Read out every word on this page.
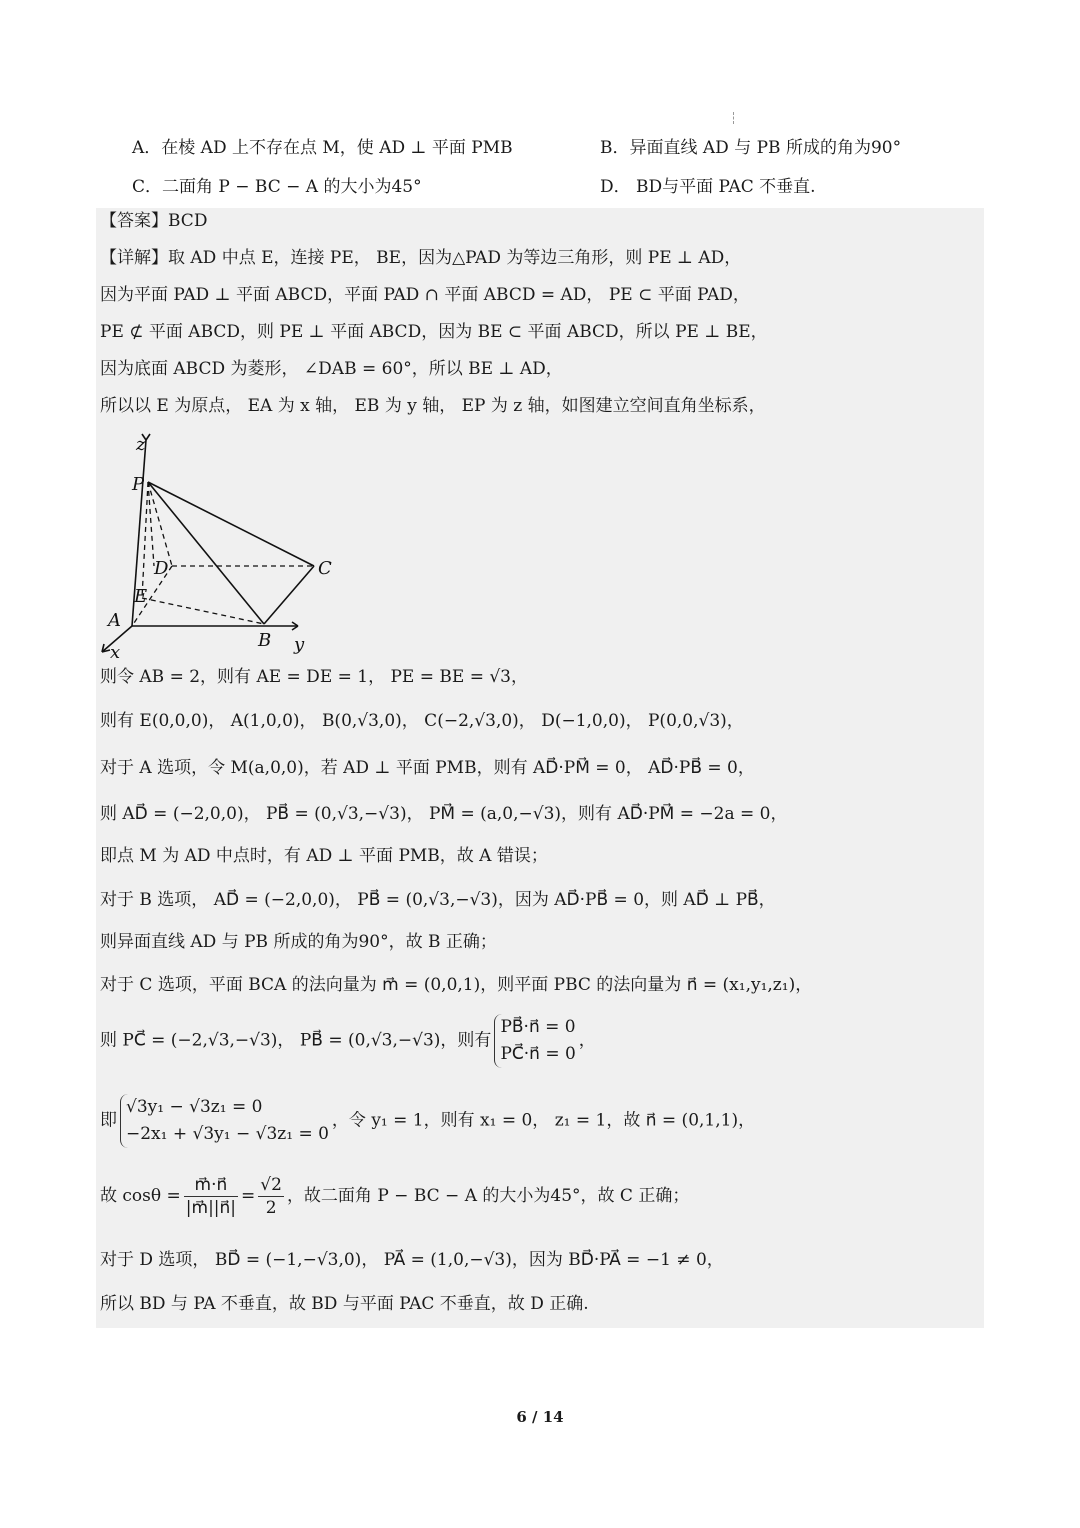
A．在棱 AD 上不存在点 M，使 AD ⊥ 平面 PMB	B．异面直线 AD 与 PB 所成的角为90°
C．二面角 P − BC − A 的大小为45°	D． BD与平面 PAC 不垂直.
【答案】BCD
【详解】取 AD 中点 E，连接 PE， BE，因为△PAD 为等边三角形，则 PE ⊥ AD，
因为平面 PAD ⊥ 平面 ABCD，平面 PAD ∩ 平面 ABCD = AD， PE ⊂ 平面 PAD，
PE ⊄ 平面 ABCD，则 PE ⊥ 平面 ABCD，因为 BE ⊂ 平面 ABCD，所以 PE ⊥ BE，
因为底面 ABCD 为菱形， ∠DAB = 60°，所以 BE ⊥ AD，
所以以 E 为原点， EA 为 x 轴， EB 为 y 轴， EP 为 z 轴，如图建立空间直角坐标系，
z
P
D	C
E
A
B y
x
则令 AB = 2，则有 AE = DE = 1， PE = BE = √3，
则有 E(0,0,0)， A(1,0,0)， B(0,√3,0)， C(−2,√3,0)， D(−1,0,0)， P(0,0,√3)，
对于 A 选项，令 M(a,0,0)，若 AD ⊥ 平面 PMB，则有 AD⃗·PM⃗ = 0， AD⃗·PB⃗ = 0，
则 AD⃗ = (−2,0,0)， PB⃗ = (0,√3,−√3)， PM⃗ = (a,0,−√3)，则有 AD⃗·PM⃗ = −2a = 0，
即点 M 为 AD 中点时，有 AD ⊥ 平面 PMB，故 A 错误；
对于 B 选项， AD⃗ = (−2,0,0)， PB⃗ = (0,√3,−√3)，因为 AD⃗·PB⃗ = 0，则 AD⃗ ⊥ PB⃗，
则异面直线 AD 与 PB 所成的角为90°，故 B 正确；
对于 C 选项，平面 BCA 的法向量为 m⃗ = (0,0,1)，则平面 PBC 的法向量为 n⃗ = (x₁,y₁,z₁)，
则 PC⃗ = (−2,√3,−√3)， PB⃗ = (0,√3,−√3)，则有
PB⃗·n⃗ = 0
PC⃗·n⃗ = 0
，
即
√3y₁ − √3z₁ = 0
−2x₁ + √3y₁ − √3z₁ = 0
，令 y₁ = 1，则有 x₁ = 0， z₁ = 1，故 n⃗ = (0,1,1)，
故 $\cos\theta = \frac{m⃗\cdot n⃗}{|m⃗||n⃗|} = \frac{√2}{2}$ ，故二面角 P − BC − A 的大小为45°，故 C 正确；
对于 D 选项， BD⃗ = (−1,−√3,0)， PA⃗ = (1,0,−√3)，因为 BD⃗·PA⃗ = −1 ≠ 0，
所以 BD 与 PA 不垂直，故 BD 与平面 PAC 不垂直，故 D 正确.
6 / 14
